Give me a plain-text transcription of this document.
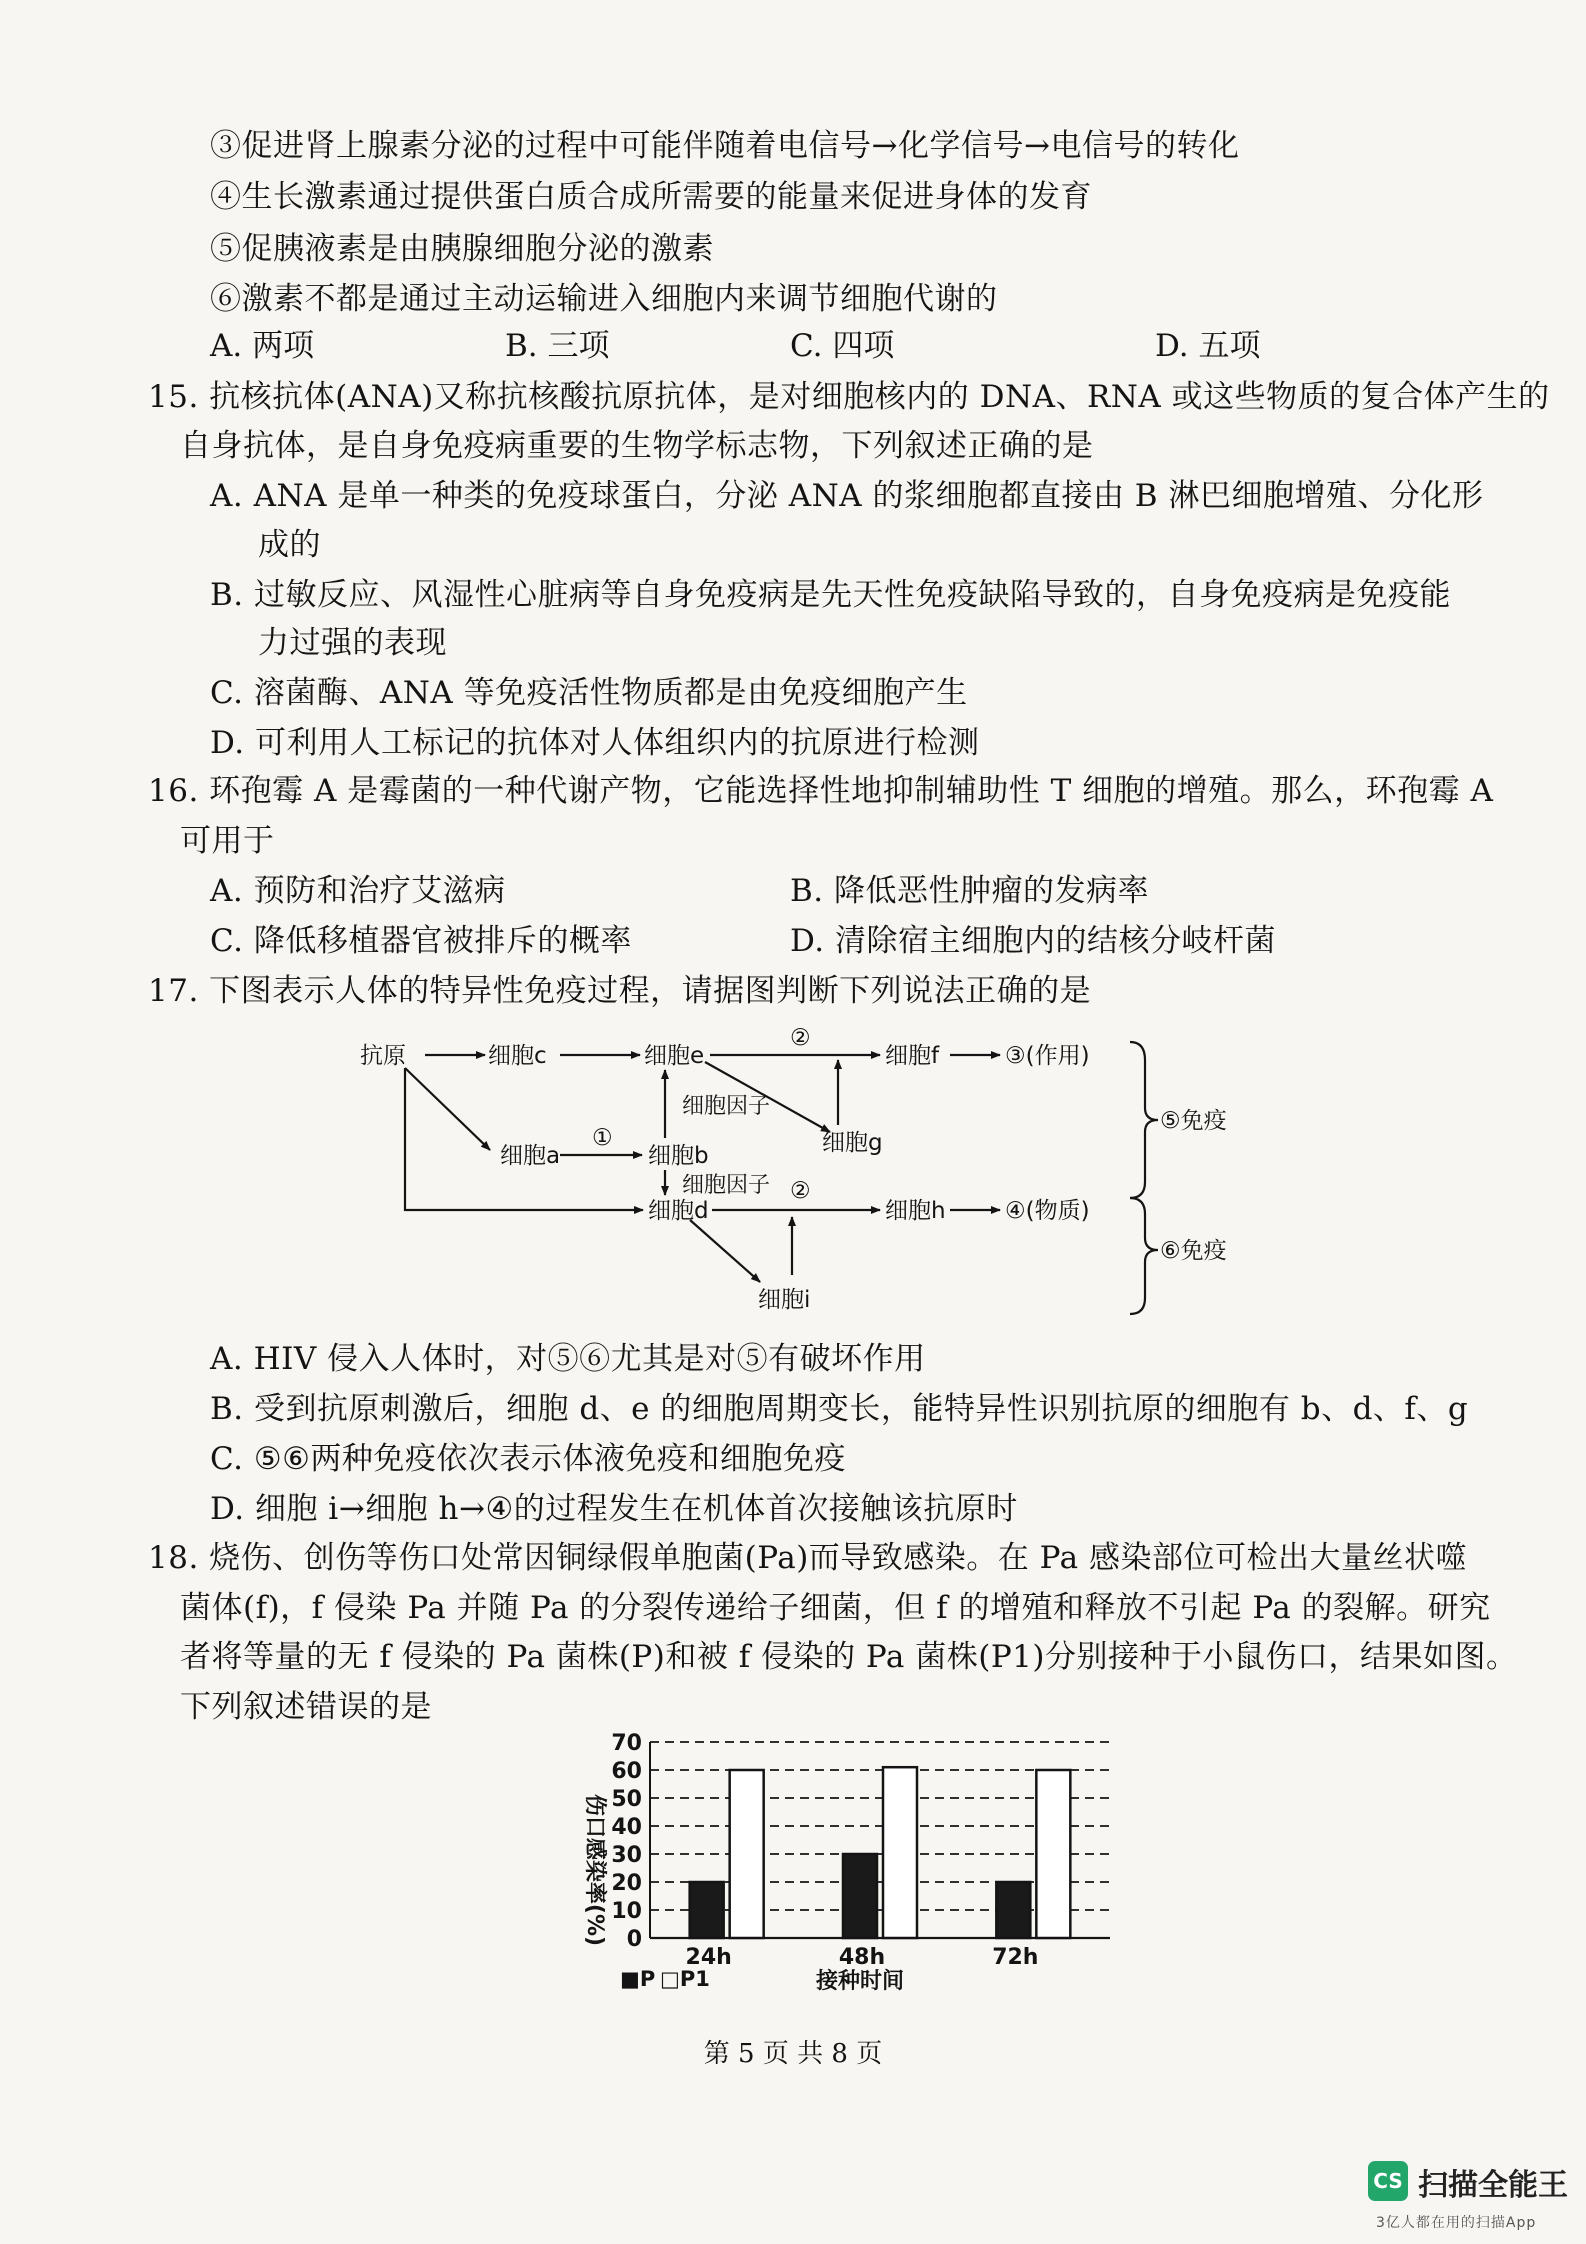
③促进肾上腺素分泌的过程中可能伴随着电信号→化学信号→电信号的转化
④生长激素通过提供蛋白质合成所需要的能量来促进身体的发育
⑤促胰液素是由胰腺细胞分泌的激素
⑥激素不都是通过主动运输进入细胞内来调节细胞代谢的
A. 两项	B. 三项	C. 四项	D. 五项
15. 抗核抗体(ANA)又称抗核酸抗原抗体，是对细胞核内的 DNA、RNA 或这些物质的复合体产生的
自身抗体，是自身免疫病重要的生物学标志物，下列叙述正确的是
A. ANA 是单一种类的免疫球蛋白，分泌 ANA 的浆细胞都直接由 B 淋巴细胞增殖、分化形
成的
B. 过敏反应、风湿性心脏病等自身免疫病是先天性免疫缺陷导致的，自身免疫病是免疫能
力过强的表现
C. 溶菌酶、ANA 等免疫活性物质都是由免疫细胞产生
D. 可利用人工标记的抗体对人体组织内的抗原进行检测
16. 环孢霉 A 是霉菌的一种代谢产物，它能选择性地抑制辅助性 T 细胞的增殖。那么，环孢霉 A
可用于
A. 预防和治疗艾滋病	B. 降低恶性肿瘤的发病率
C. 降低移植器官被排斥的概率	D. 清除宿主细胞内的结核分岐杆菌
17. 下图表示人体的特异性免疫过程，请据图判断下列说法正确的是
抗原	细胞c	细胞e	细胞f	③(作用)
②
细胞因子
细胞g
细胞a
①
细胞b
细胞因子
细胞d
②
细胞h	④(物质)
细胞i
⑤免疫
⑥免疫
A. HIV 侵入人体时，对⑤⑥尤其是对⑤有破坏作用
B. 受到抗原刺激后，细胞 d、e 的细胞周期变长，能特异性识别抗原的细胞有 b、d、f、g
C. ⑤⑥两种免疫依次表示体液免疫和细胞免疫
D. 细胞 i→细胞 h→④的过程发生在机体首次接触该抗原时
18. 烧伤、创伤等伤口处常因铜绿假单胞菌(Pa)而导致感染。在 Pa 感染部位可检出大量丝状噬
菌体(f)，f 侵染 Pa 并随 Pa 的分裂传递给子细菌，但 f 的增殖和释放不引起 Pa 的裂解。研究
者将等量的无 f 侵染的 Pa 菌株(P)和被 f 侵染的 Pa 菌株(P1)分别接种于小鼠伤口，结果如图。
下列叙述错误的是
0
10
20
30
40
50
60
70
24h	48h	72h
伤口感染率(%)
接种时间
■P □P1
第 5 页 共 8 页
CS 扫描全能王
3亿人都在用的扫描App
